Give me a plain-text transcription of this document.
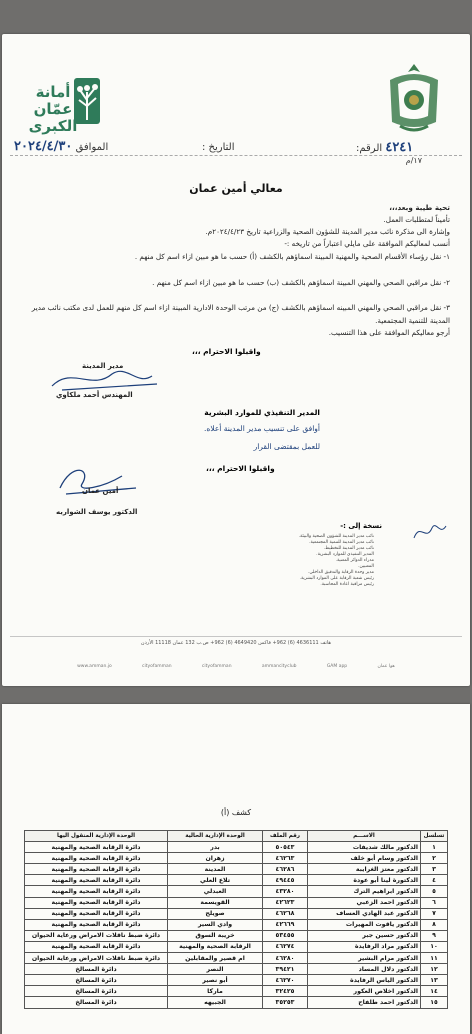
أمانة
عمّان
الكبرى
الرقم: ٤٢٤١
١٧/م
التاريخ :
٢٠٢٤/٤/٣٠ الموافق
معالي أمين عمان
تحية طيبة وبعد،،،
تأميناً لمتطلبات العمل.
وإشارة الى مذكرة نائب مدير المدينة للشؤون الصحية والزراعية تاريخ ٢٠٢٤/٤/٢٣م.
أنسب لمعاليكم الموافقة على مايلي اعتباراً من تاريخه :-
١- نقل رؤساء الأقسام الصحية والمهنية المبينة اسماؤهم بالكشف (أ) حسب ما هو مبين ازاء اسم كل منهم .
٢- نقل مراقبي الصحي والمهني المبينة اسماؤهم بالكشف (ب) حسب ما هو مبين ازاء اسم كل منهم .
٣- نقل مراقبي الصحي والمهني المبينه اسماؤهم بالكشف (ج) من مرتب الوحدة الادارية المبينة ازاء اسم كل منهم للعمل لدى مكتب نائب مدير المدينة للتنمية المجتمعية.
أرجو معاليكم الموافقة على هذا التنسيب.
واقبلوا الاحترام ،،،
مدير المدينة
المهندس أحمد ملكاوي
المدير التنفيذي للموارد البشرية
أوافق على تنسيب مدير المدينة أعلاه.
للعمل بمقتضى القرار
واقبلوا الاحترام ،،،
أمين عمان
الدكتور يوسف الشواربه
نسخة إلى :-
نائب مدير المدينة للشؤون الصحية والبيئة.
نائب مدير المدينة للتنمية المجتمعية.
نائب مدير المدينة للتخطيط.
المدير التنفيذي للموارد البشرية.
مدراء الدوائر المعنية.
المعنيين.
مدير وحدة الرقابة والتدقيق الداخلي.
رئيس شعبة الرقابة على الموارد البشرية.
رئيس مراقبة اعادة المحاسبة.
هاتف 4636111 (6) 962+ فاكس 4649420 (6) 962+ ص.ب 132 عمان 11118 الأردن
www.amman.jo	cityofamman	cityofamman	ammancityclub	GAM app	هوا عمان
كشف (أ)
تسلسل	الاســـم	رقم الملف	الوحدة الإدارية الحالية	الوحدة الإدارية المنقول اليها
١	الدكتور مالك شديفات	٥٠٥٤٣	بدر	دائرة الرقابة الصحية والمهنية
٢	الدكتور وسام أبو خلف	٤٦٢٦٣	زهران	دائرة الرقابة الصحية والمهنية
٣	الدكتور معتز الغرايبة	٤٦٢٨٦	المدينة	دائرة الرقابة الصحية والمهنية
٤	الدكتورة لينا أبو عودة	٤٩٤٤٥	تلاع العلي	دائرة الرقابة الصحية والمهنية
٥	الدكتور ابراهيم الترك	٤٣٢٨٠	العبدلي	دائرة الرقابة الصحية والمهنية
٦	الدكتور احمد الزعبي	٤٢٦٢٣	القويسمة	دائرة الرقابة الصحية والمهنية
٧	الدكتور عبد الهادي العساف	٤٦٢٦٨	صويلح	دائرة الرقابة الصحية والمهنية
٨	الدكتور ياقوت المهيرات	٤٢٦٦٩	وادي السير	دائرة الرقابة الصحية والمهنية
٩	الدكتور حسين جبر	٥٣٤٥٥	خريبة السوق	دائرة ضبط ناقلات الامراض ورعاية الحيوان
١٠	الدكتور مراد الرفايدة	٤٦٢٧٤	الرقابة الصحية والمهنية	دائرة الرقابة الصحية والمهنية
١١	الدكتور مرام البشير	٤٦٢٨٠	ام قصير والمقابلين	دائرة ضبط ناقلات الامراض ورعاية الحيوان
١٢	الدكتور دلال المساد	٣٩٤٢١	النصر	دائرة المسالخ
١٣	الدكتور الياس الرفايدة	٤٦٢٧٠	أبو نصير	دائرة المسالخ
١٤	الدكتور اخلاص العكور	٣٢٤٢٥	ماركا	دائرة المسالخ
١٥	الدكتور احمد طلفاح	٣٥٢٥٣	الجبيهه	دائرة المسالخ
